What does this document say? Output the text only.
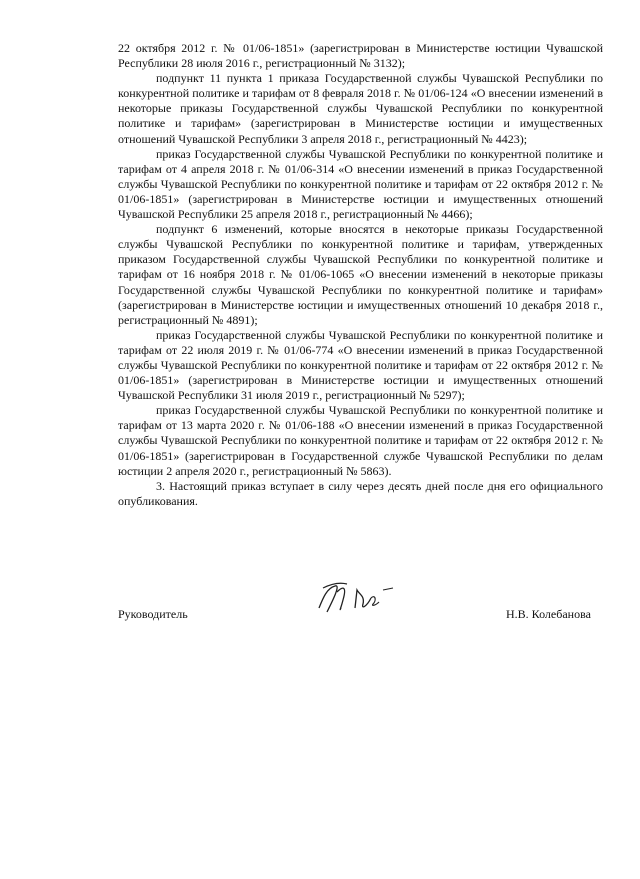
22 октября 2012 г. № 01/06-1851» (зарегистрирован в Министерстве юстиции Чувашской Республики 28 июля 2016 г., регистрационный № 3132);

подпункт 11 пункта 1 приказа Государственной службы Чувашской Республики по конкурентной политике и тарифам от 8 февраля 2018 г. № 01/06-124 «О внесении изменений в некоторые приказы Государственной службы Чувашской Республики по конкурентной политике и тарифам» (зарегистрирован в Министерстве юстиции и имущественных отношений Чувашской Республики 3 апреля 2018 г., регистрационный № 4423);

приказ Государственной службы Чувашской Республики по конкурентной политике и тарифам от 4 апреля 2018 г. № 01/06-314 «О внесении изменений в приказ Государственной службы Чувашской Республики по конкурентной политике и тарифам от 22 октября 2012 г. № 01/06-1851» (зарегистрирован в Министерстве юстиции и имущественных отношений Чувашской Республики 25 апреля 2018 г., регистрационный № 4466);

подпункт 6 изменений, которые вносятся в некоторые приказы Государственной службы Чувашской Республики по конкурентной политике и тарифам, утвержденных приказом Государственной службы Чувашской Республики по конкурентной политике и тарифам от 16 ноября 2018 г. № 01/06-1065 «О внесении изменений в некоторые приказы Государственной службы Чувашской Республики по конкурентной политике и тарифам» (зарегистрирован в Министерстве юстиции и имущественных отношений 10 декабря 2018 г., регистрационный № 4891);

приказ Государственной службы Чувашской Республики по конкурентной политике и тарифам от 22 июля 2019 г. № 01/06-774 «О внесении изменений в приказ Государственной службы Чувашской Республики по конкурентной политике и тарифам от 22 октября 2012 г. № 01/06-1851» (зарегистрирован в Министерстве юстиции и имущественных отношений Чувашской Республики 31 июля 2019 г., регистрационный № 5297);

приказ Государственной службы Чувашской Республики по конкурентной политике и тарифам от 13 марта 2020 г. № 01/06-188 «О внесении изменений в приказ Государственной службы Чувашской Республики по конкурентной политике и тарифам от 22 октября 2012 г. № 01/06-1851» (зарегистрирован в Государственной службе Чувашской Республики по делам юстиции 2 апреля 2020 г., регистрационный № 5863).

3. Настоящий приказ вступает в силу через десять дней после дня его официального опубликования.

Руководитель	Н.В. Колебанова
